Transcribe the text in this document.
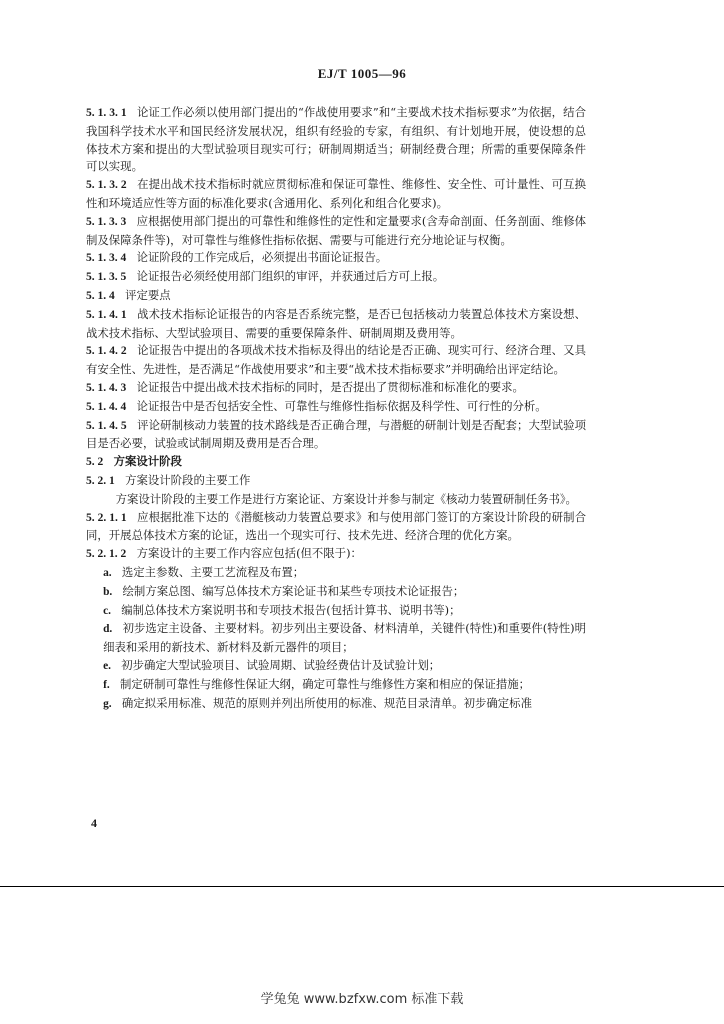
EJ/T 1005—96

5. 1. 3. 1 论证工作必须以使用部门提出的“作战使用要求”和“主要战术技术指标要求”为依据，结合我国科学技术水平和国民经济发展状况，组织有经验的专家，有组织、有计划地开展，使设想的总体技术方案和提出的大型试验项目现实可行；研制周期适当；研制经费合理；所需的重要保障条件可以实现。

5. 1. 3. 2 在提出战术技术指标时就应贯彻标准和保证可靠性、维修性、安全性、可计量性、可互换性和环境适应性等方面的标准化要求(含通用化、系列化和组合化要求)。

5. 1. 3. 3 应根据使用部门提出的可靠性和维修性的定性和定量要求(含寿命剖面、任务剖面、维修体制及保障条件等)，对可靠性与维修性指标依据、需要与可能进行充分地论证与权衡。

5. 1. 3. 4 论证阶段的工作完成后，必须提出书面论证报告。

5. 1. 3. 5 论证报告必须经使用部门组织的审评，并获通过后方可上报。

5. 1. 4 评定要点

5. 1. 4. 1 战术技术指标论证报告的内容是否系统完整，是否已包括核动力装置总体技术方案设想、战术技术指标、大型试验项目、需要的重要保障条件、研制周期及费用等。

5. 1. 4. 2 论证报告中提出的各项战术技术指标及得出的结论是否正确、现实可行、经济合理、又具有安全性、先进性，是否满足“作战使用要求”和主要“战术技术指标要求”并明确给出评定结论。

5. 1. 4. 3 论证报告中提出战术技术指标的同时，是否提出了贯彻标准和标准化的要求。

5. 1. 4. 4 论证报告中是否包括安全性、可靠性与维修性指标依据及科学性、可行性的分析。

5. 1. 4. 5 评论研制核动力装置的技术路线是否正确合理，与潜艇的研制计划是否配套；大型试验项目是否必要，试验或试制周期及费用是否合理。

5. 2 方案设计阶段

5. 2. 1 方案设计阶段的主要工作

方案设计阶段的主要工作是进行方案论证、方案设计并参与制定《核动力装置研制任务书》。

5. 2. 1. 1 应根据批准下达的《潜艇核动力装置总要求》和与使用部门签订的方案设计阶段的研制合同，开展总体技术方案的论证，选出一个现实可行、技术先进、经济合理的优化方案。

5. 2. 1. 2 方案设计的主要工作内容应包括(但不限于)：

a. 选定主参数、主要工艺流程及布置；

b. 绘制方案总图、编写总体技术方案论证书和某些专项技术论证报告；

c. 编制总体技术方案说明书和专项技术报告(包括计算书、说明书等)；

d. 初步选定主设备、主要材料。初步列出主要设备、材料清单，关键件(特性)和重要件(特性)明细表和采用的新技术、新材料及新元器件的项目；

e. 初步确定大型试验项目、试验周期、试验经费估计及试验计划；

f. 制定研制可靠性与维修性保证大纲，确定可靠性与维修性方案和相应的保证措施；

g. 确定拟采用标准、规范的原则并列出所使用的标准、规范目录清单。初步确定标准

4
学兔兔 www.bzfxw.com 标准下载
